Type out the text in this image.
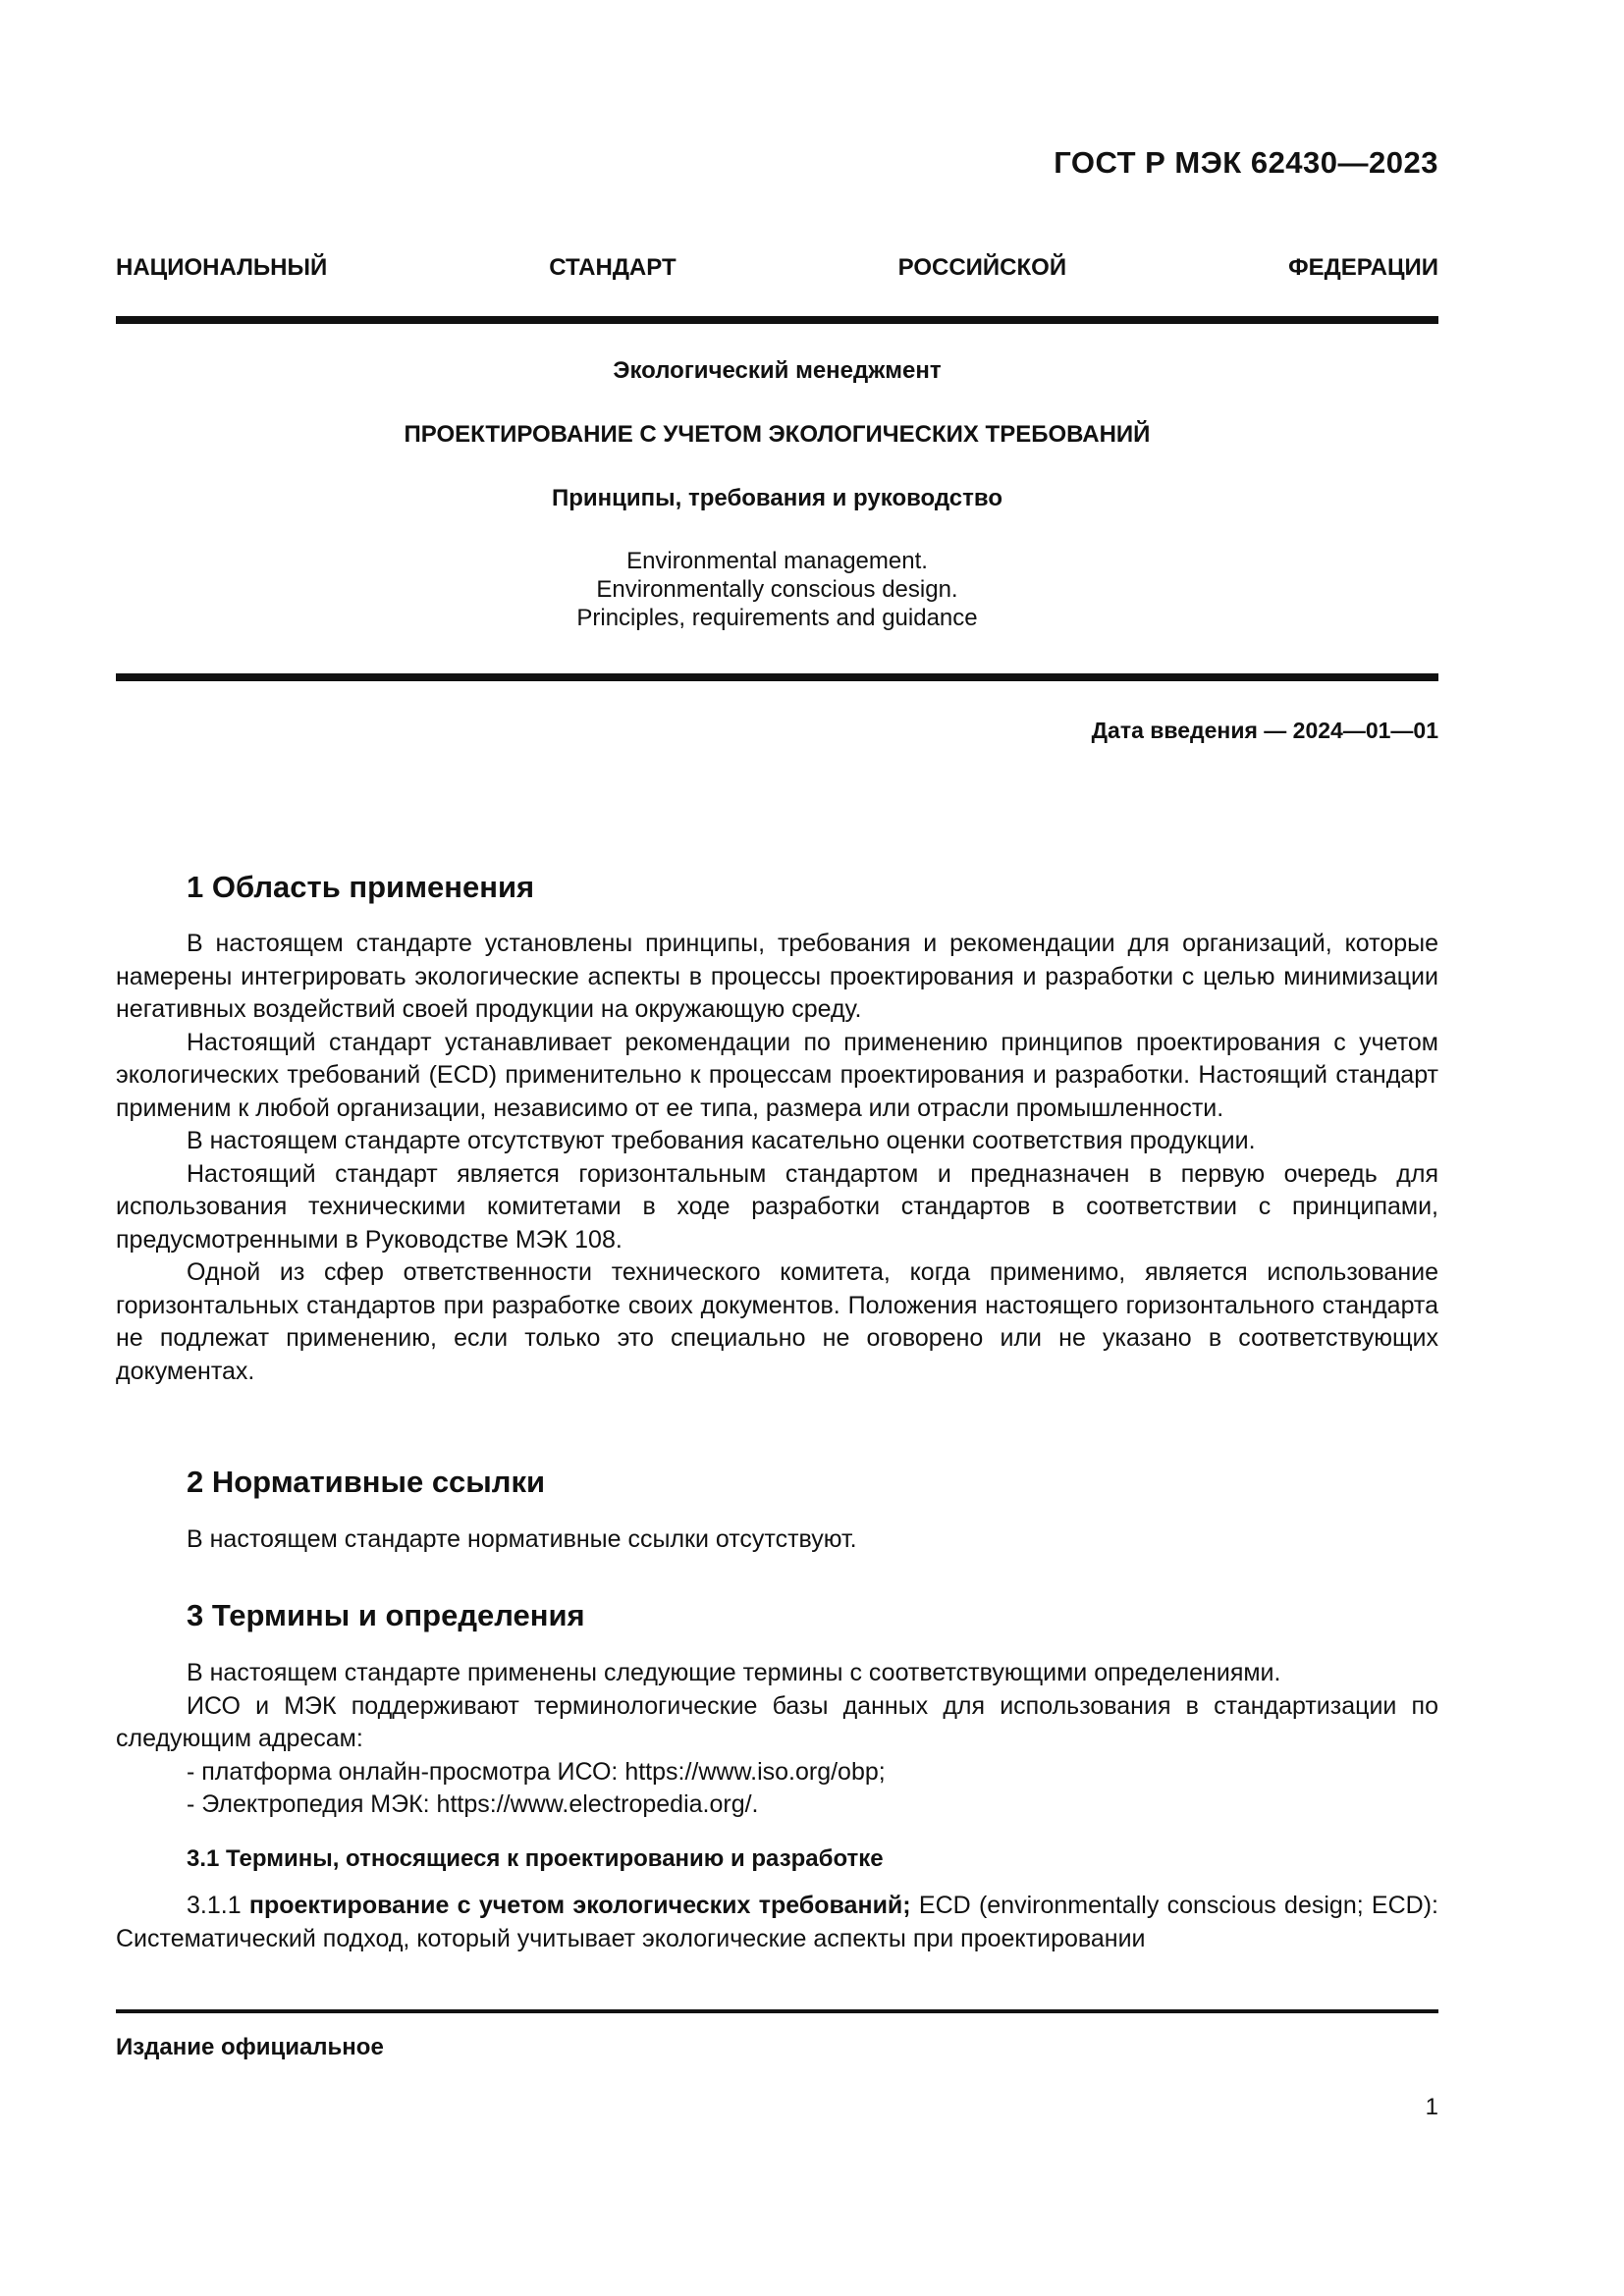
ГОСТ Р МЭК 62430—2023
НАЦИОНАЛЬНЫЙ СТАНДАРТ РОССИЙСКОЙ ФЕДЕРАЦИИ
Экологический менеджмент
ПРОЕКТИРОВАНИЕ С УЧЕТОМ ЭКОЛОГИЧЕСКИХ ТРЕБОВАНИЙ
Принципы, требования и руководство
Environmental management.
Environmentally conscious design.
Principles, requirements and guidance
Дата введения — 2024—01—01
1 Область применения

В настоящем стандарте установлены принципы, требования и рекомендации для организаций, которые намерены интегрировать экологические аспекты в процессы проектирования и разработки с целью минимизации негативных воздействий своей продукции на окружающую среду.

Настоящий стандарт устанавливает рекомендации по применению принципов проектирования с учетом экологических требований (ECD) применительно к процессам проектирования и разработки. Настоящий стандарт применим к любой организации, независимо от ее типа, размера или отрасли промышленности.

В настоящем стандарте отсутствуют требования касательно оценки соответствия продукции.

Настоящий стандарт является горизонтальным стандартом и предназначен в первую очередь для использования техническими комитетами в ходе разработки стандартов в соответствии с принципами, предусмотренными в Руководстве МЭК 108.

Одной из сфер ответственности технического комитета, когда применимо, является использование горизонтальных стандартов при разработке своих документов. Положения настоящего горизонтального стандарта не подлежат применению, если только это специально не оговорено или не указано в соответствующих документах.

2 Нормативные ссылки

В настоящем стандарте нормативные ссылки отсутствуют.

3 Термины и определения

В настоящем стандарте применены следующие термины с соответствующими определениями.

ИСО и МЭК поддерживают терминологические базы данных для использования в стандартизации по следующим адресам:

- платформа онлайн-просмотра ИСО: https://www.iso.org/obp;

- Электропедия МЭК: https://www.electropedia.org/.

3.1 Термины, относящиеся к проектированию и разработке

3.1.1 проектирование с учетом экологических требований; ECD (environmentally conscious design; ECD): Систематический подход, который учитывает экологические аспекты при проектировании

Издание официальное
1
